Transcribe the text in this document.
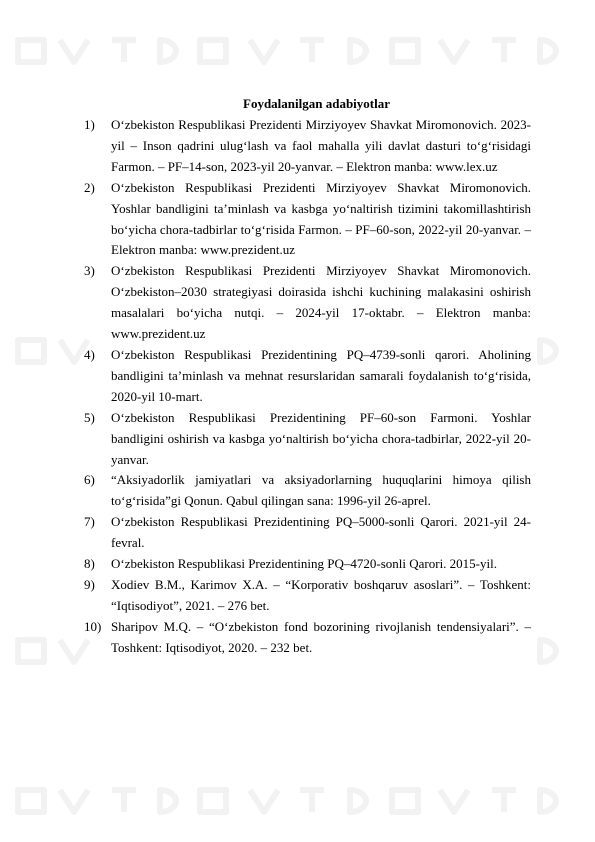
Foydalanilgan adabiyotlar
1)	O‘zbekiston Respublikasi Prezidenti Mirziyoyev Shavkat Miromonovich. 2023-yil – Inson qadrini ulug‘lash va faol mahalla yili davlat dasturi to‘g‘risidagi Farmon. – PF–14-son, 2023-yil 20-yanvar. – Elektron manba: www.lex.uz
2)	O‘zbekiston Respublikasi Prezidenti Mirziyoyev Shavkat Miromonovich. Yoshlar bandligini ta’minlash va kasbga yo‘naltirish tizimini takomillashtirish bo‘yicha chora-tadbirlar to‘g‘risida Farmon. – PF–60-son, 2022-yil 20-yanvar. – Elektron manba: www.prezident.uz
3)	O‘zbekiston Respublikasi Prezidenti Mirziyoyev Shavkat Miromonovich. O‘zbekiston–2030 strategiyasi doirasida ishchi kuchining malakasini oshirish masalalari bo‘yicha nutqi. – 2024-yil 17-oktabr. – Elektron manba: www.prezident.uz
4)	O‘zbekiston Respublikasi Prezidentining PQ–4739-sonli qarori. Aholining bandligini ta’minlash va mehnat resurslaridan samarali foydalanish to‘g‘risida, 2020-yil 10-mart.
5)	O‘zbekiston Respublikasi Prezidentining PF–60-son Farmoni. Yoshlar bandligini oshirish va kasbga yo‘naltirish bo‘yicha chora-tadbirlar, 2022-yil 20-yanvar.
6)	“Aksiyadorlik jamiyatlari va aksiyadorlarning huquqlarini himoya qilish to‘g‘risida”gi Qonun. Qabul qilingan sana: 1996-yil 26-aprel.
7)	O‘zbekiston Respublikasi Prezidentining PQ–5000-sonli Qarori. 2021-yil 24-fevral.
8)	O‘zbekiston Respublikasi Prezidentining PQ–4720-sonli Qarori. 2015-yil.
9)	Xodiev B.M., Karimov X.A. – “Korporativ boshqaruv asoslari”. – Toshkent: “Iqtisodiyot”, 2021. – 276 bet.
10) Sharipov M.Q. – “O‘zbekiston fond bozorining rivojlanish tendensiyalari”. – Toshkent: Iqtisodiyot, 2020. – 232 bet.
